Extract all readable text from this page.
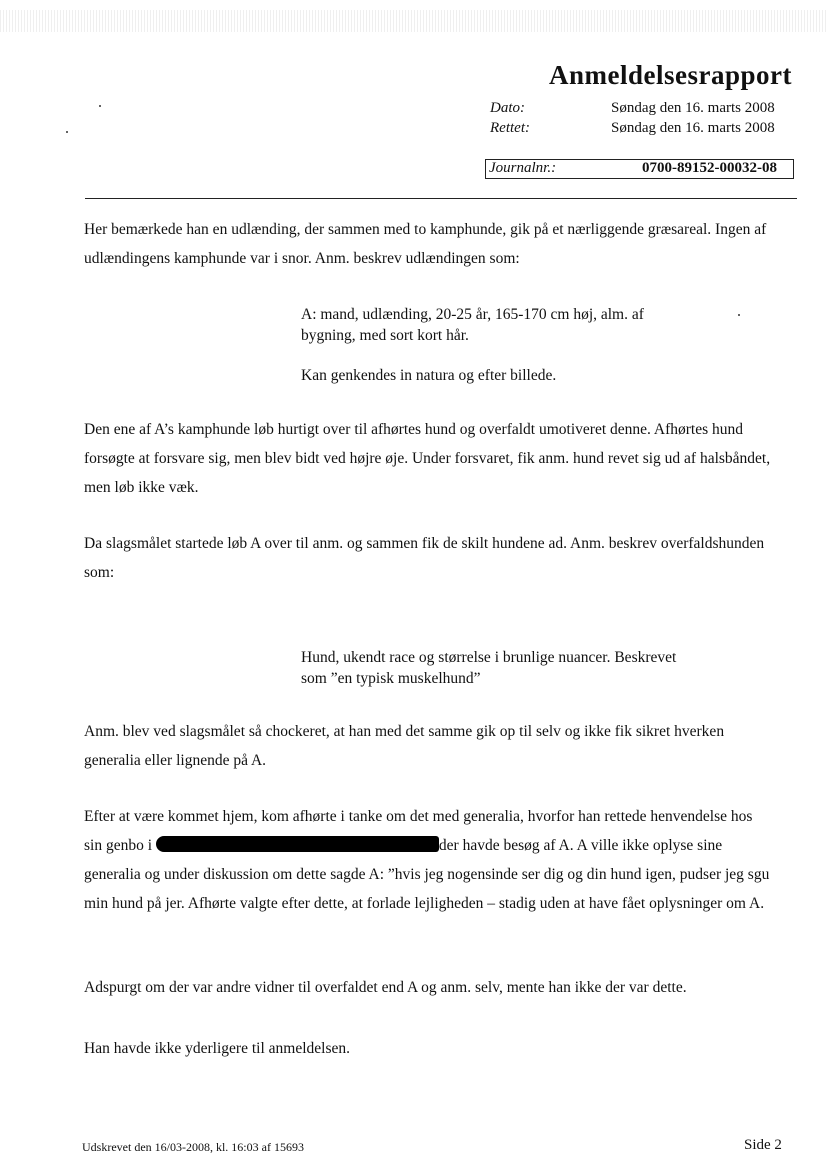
Anmeldelsesrapport
Dato:	Søndag den 16. marts 2008
Rettet:	Søndag den 16. marts 2008
Journalnr.:	0700-89152-00032-08

Her bemærkede han en udlænding, der sammen med to kamphunde, gik på et nærliggende græsareal. Ingen af udlændingens kamphunde var i snor. Anm. beskrev udlændingen som:

A: mand, udlænding, 20-25 år, 165-170 cm høj, alm. af bygning, med sort kort hår.

Kan genkendes in natura og efter billede.

Den ene af A’s kamphunde løb hurtigt over til afhørtes hund og overfaldt umotiveret denne. Afhørtes hund forsøgte at forsvare sig, men blev bidt ved højre øje. Under forsvaret, fik anm. hund revet sig ud af halsbåndet, men løb ikke væk.

Da slagsmålet startede løb A over til anm. og sammen fik de skilt hundene ad. Anm. beskrev overfaldshunden som:

Hund, ukendt race og størrelse i brunlige nuancer. Beskrevet som ”en typisk muskelhund”

Anm. blev ved slagsmålet så chockeret, at han med det samme gik op til selv og ikke fik sikret hverken generalia eller lignende på A.

Efter at være kommet hjem, kom afhørte i tanke om det med generalia, hvorfor han rettede henvendelse hos sin genbo i	der havde besøg af A. A ville ikke oplyse sine generalia og under diskussion om dette sagde A: ”hvis jeg nogensinde ser dig og din hund igen, pudser jeg sgu min hund på jer. Afhørte valgte efter dette, at forlade lejligheden – stadig uden at have fået oplysninger om A.

Adspurgt om der var andre vidner til overfaldet end A og anm. selv, mente han ikke der var dette.

Han havde ikke yderligere til anmeldelsen.

Udskrevet den 16/03-2008, kl. 16:03 af 15693	Side 2
